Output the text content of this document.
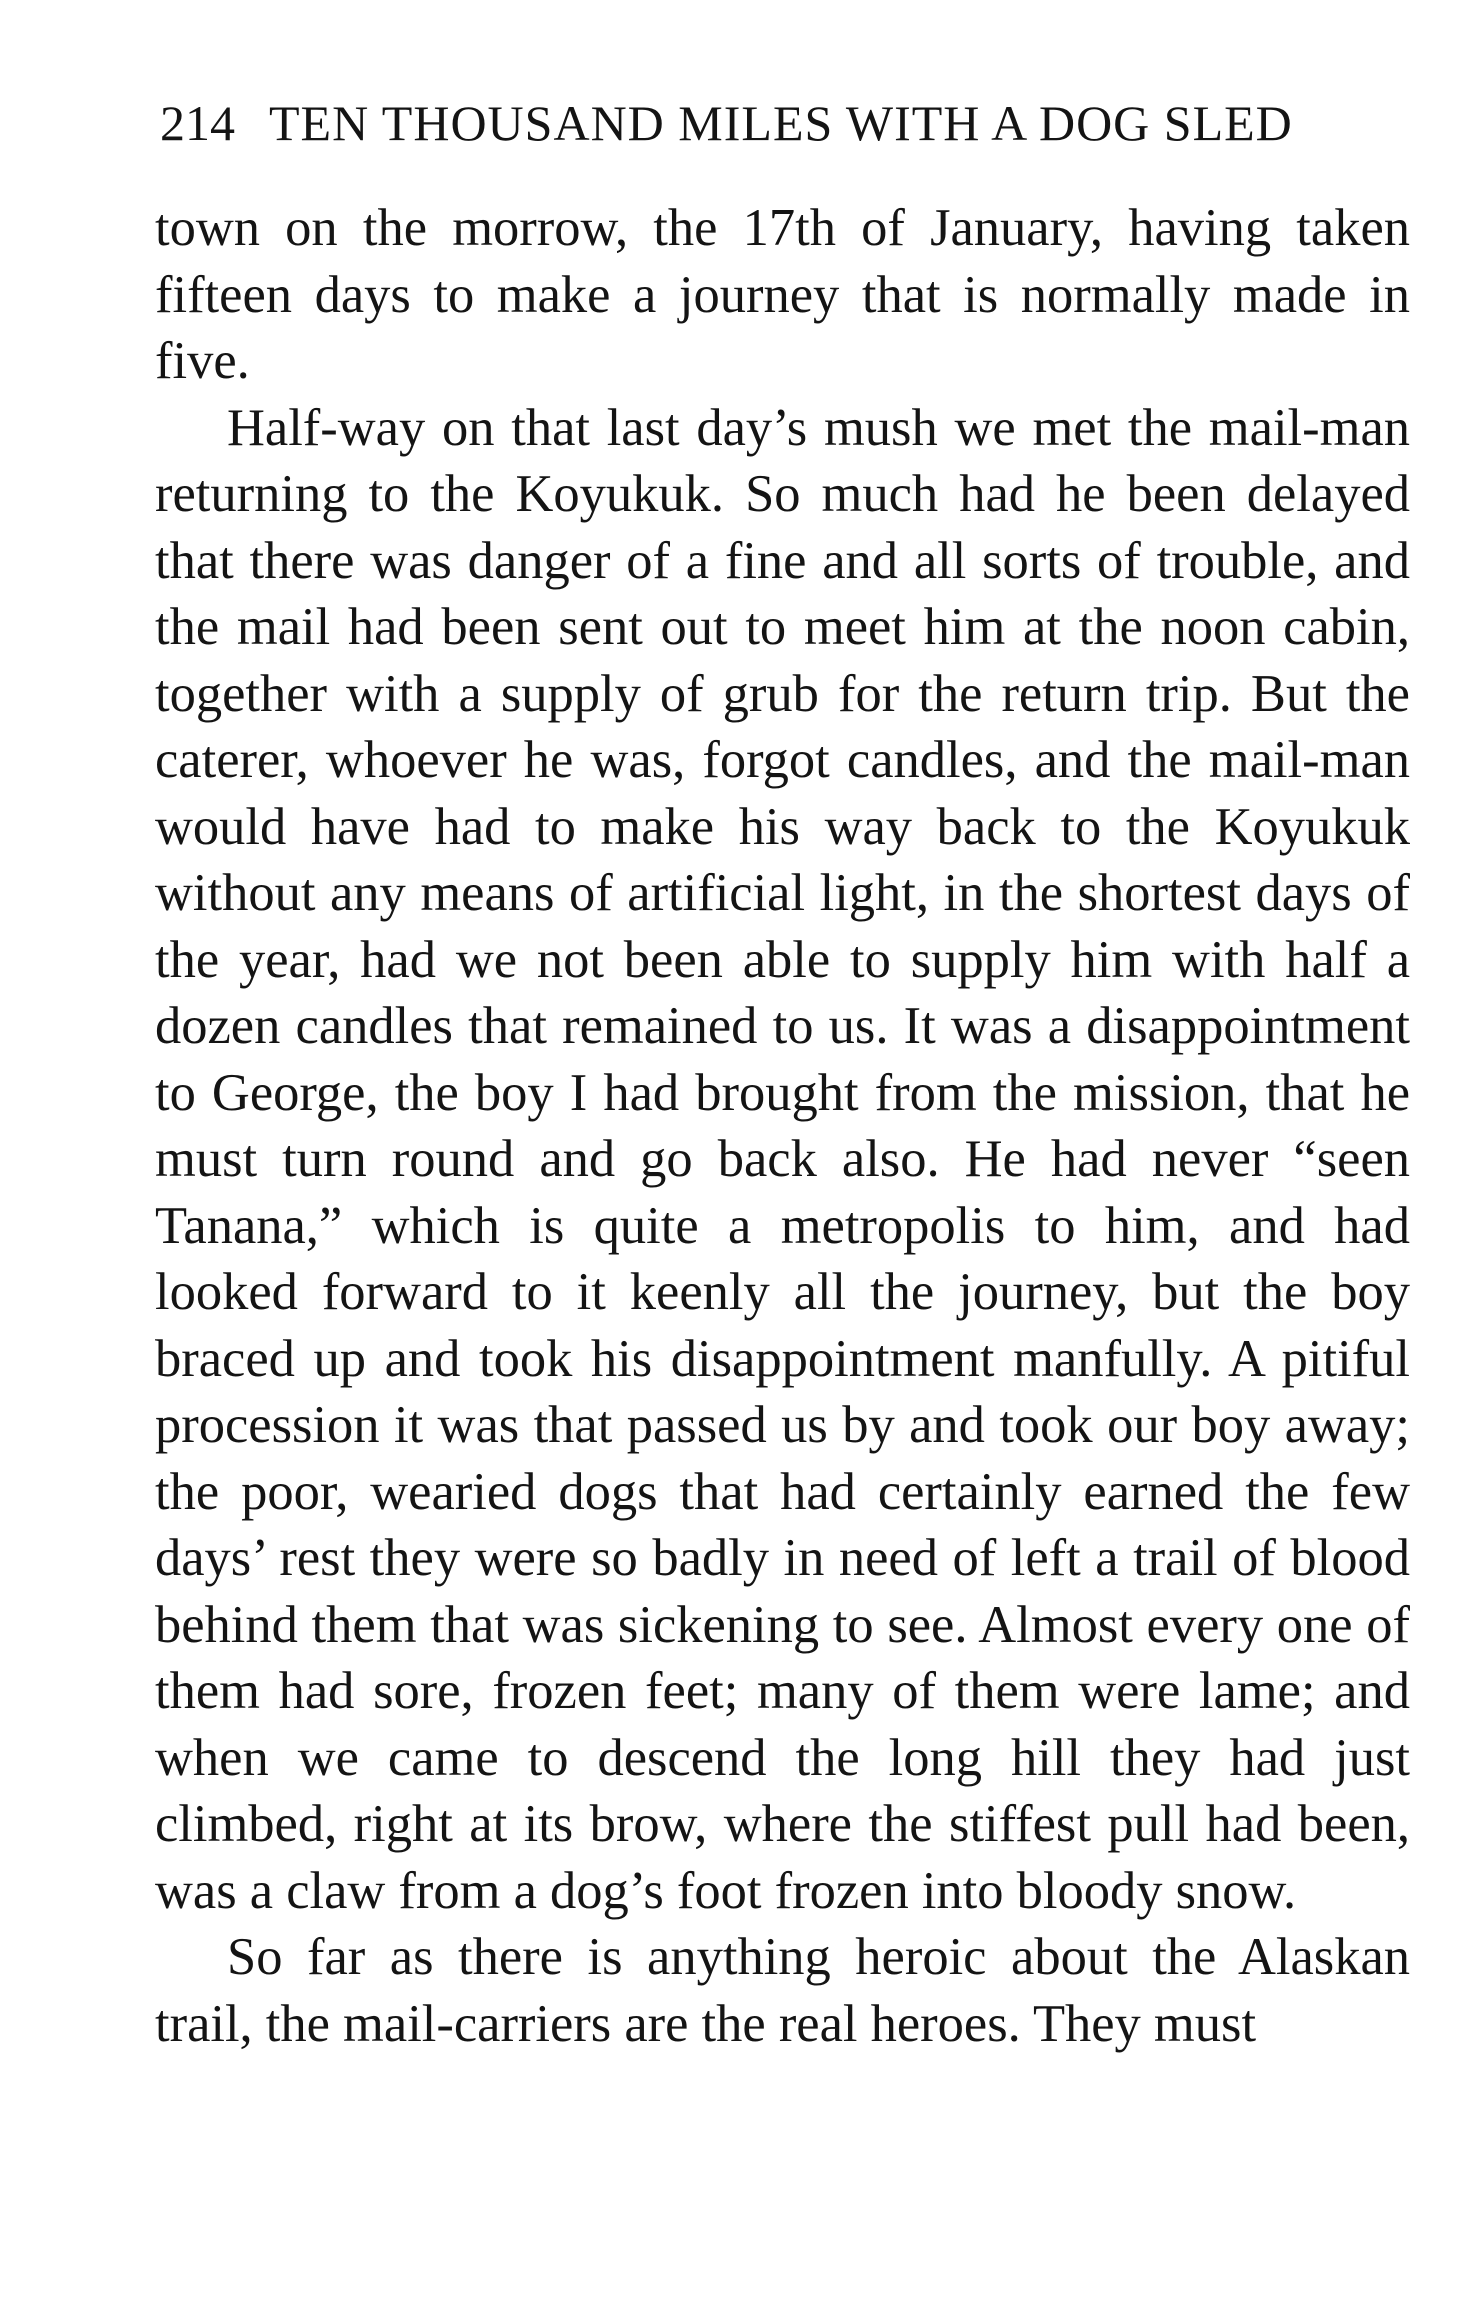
214 TEN THOUSAND MILES WITH A DOG SLED

town on the morrow, the 17th of January, having taken fifteen days to make a journey that is normally made in five.

Half-way on that last day’s mush we met the mail-man returning to the Koyukuk. So much had he been delayed that there was danger of a fine and all sorts of trouble, and the mail had been sent out to meet him at the noon cabin, together with a supply of grub for the return trip. But the caterer, whoever he was, forgot candles, and the mail-man would have had to make his way back to the Koyukuk without any means of artificial light, in the shortest days of the year, had we not been able to supply him with half a dozen candles that remained to us. It was a disappointment to George, the boy I had brought from the mission, that he must turn round and go back also. He had never “seen Tanana,” which is quite a metropolis to him, and had looked forward to it keenly all the journey, but the boy braced up and took his disappointment manfully. A pitiful procession it was that passed us by and took our boy away; the poor, wearied dogs that had certainly earned the few days’ rest they were so badly in need of left a trail of blood behind them that was sickening to see. Almost every one of them had sore, frozen feet; many of them were lame; and when we came to descend the long hill they had just climbed, right at its brow, where the stiffest pull had been, was a claw from a dog’s foot frozen into bloody snow.

So far as there is anything heroic about the Alaskan trail, the mail-carriers are the real heroes. They must
